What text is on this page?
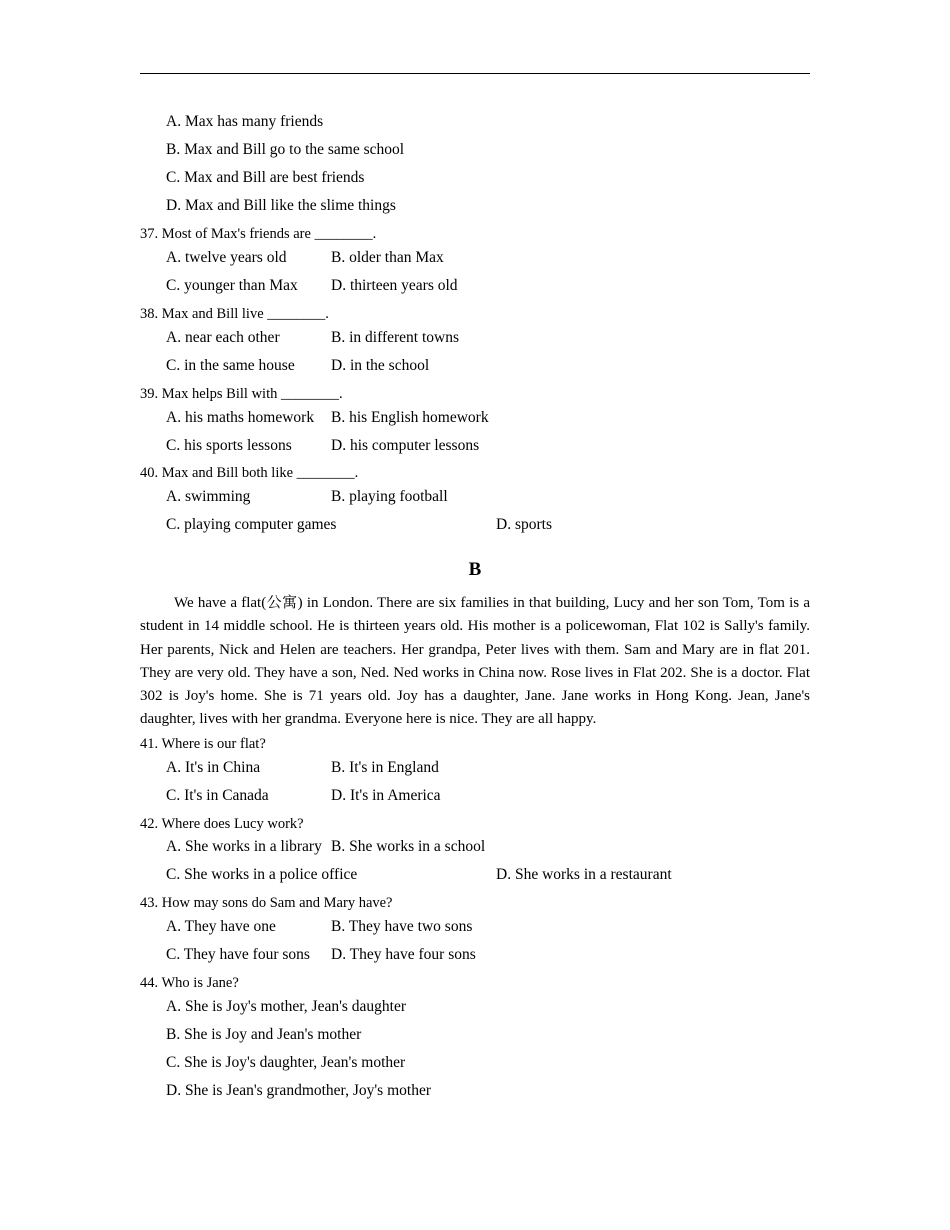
A. Max has many friends
B. Max and Bill go to the same school
C. Max and Bill are best friends
D. Max and Bill like the slime things
37. Most of Max's friends are ________.
A. twelve years old	B. older than Max
C. younger than Max D. thirteen years old
38. Max and Bill live ________.
A. near each other	B. in different towns
C. in the same house D. in the school
39. Max helps Bill with ________.
A. his maths homework B. his English homework
C. his sports lessons	D. his computer lessons
40. Max and Bill both like ________.
A. swimming	B. playing football
C. playing computer games	D. sports
B
We have a flat(公寓) in London. There are six families in that building, Lucy and her son Tom, Tom is a student in 14 middle school. He is thirteen years old. His mother is a policewoman, Flat 102 is Sally's family. Her parents, Nick and Helen are teachers. Her grandpa, Peter lives with them. Sam and Mary are in flat 201. They are very old. They have a son, Ned. Ned works in China now. Rose lives in Flat 202. She is a doctor. Flat 302 is Joy's home. She is 71 years old. Joy has a daughter, Jane. Jane works in Hong Kong. Jean, Jane's daughter, lives with her grandma. Everyone here is nice. They are all happy.
41. Where is our flat?
A. It's in China	B. It's in England
C. It's in Canada	D. It's in America
42. Where does Lucy work?
A. She works in a library B. She works in a school
C. She works in a police office	D. She works in a restaurant
43. How may sons do Sam and Mary have?
A. They have one	B. They have two sons
C. They have four sons D. They have four sons
44. Who is Jane?
A. She is Joy's mother, Jean's daughter
B. She is Joy and Jean's mother
C. She is Joy's daughter, Jean's mother
D. She is Jean's grandmother, Joy's mother
